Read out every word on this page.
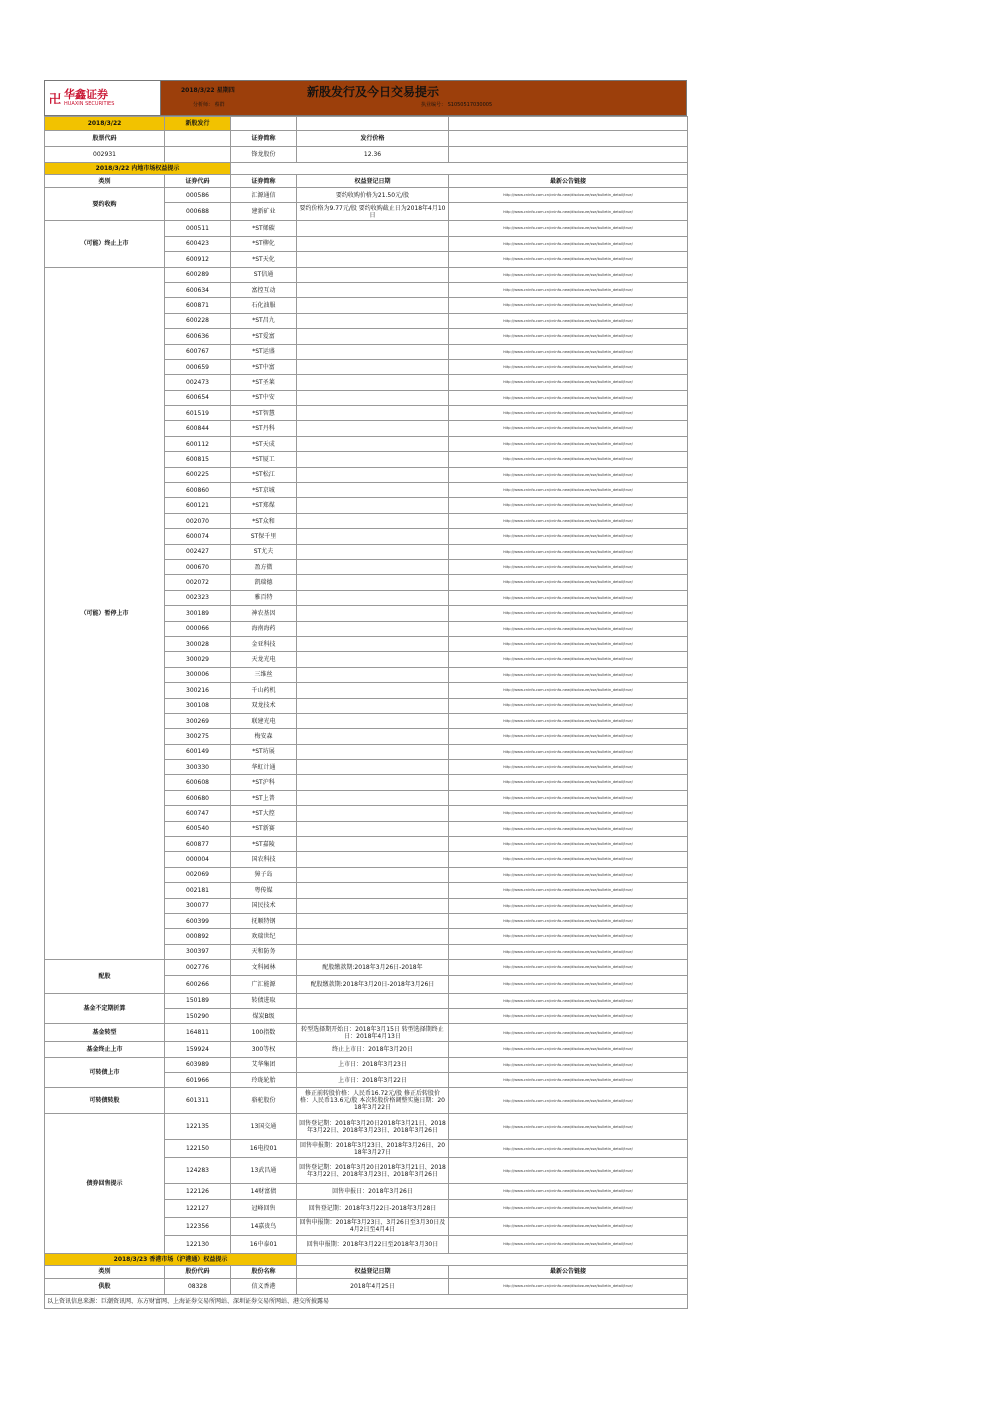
卍 华鑫证券
HUAXIN SECURITIES
2018/3/22 星期四	新股发行及今日交易提示
分析师： 蔡群	执业编号： S1050517030005
2018/3/22	新股发行			
股票代码		证券简称	发行价格	
002931		锋龙股份	12.36	
2018/3/22 内地市场权益提示				
类别	证券代码	证券简称	权益登记日期	最新公告链接
要约收购	000586	汇源通信	要约收购价格为21.50元/股	http://www.cninfo.com.cn/cninfo-new/disclosure/sse/bulletin_detail/true/
	000688	建新矿业	要约价格为9.77元/股 要约收购截止日为2018年4月10日	http://www.cninfo.com.cn/cninfo-new/disclosure/sse/bulletin_detail/true/
（可能）终止上市	000511	*ST烯碳		http://www.cninfo.com.cn/cninfo-new/disclosure/sse/bulletin_detail/true/
	600423	*ST柳化		http://www.cninfo.com.cn/cninfo-new/disclosure/sse/bulletin_detail/true/
	600912	*ST天化		http://www.cninfo.com.cn/cninfo-new/disclosure/sse/bulletin_detail/true/
（可能）暂停上市	600289	ST信通		http://www.cninfo.com.cn/cninfo-new/disclosure/sse/bulletin_detail/true/
	600634	富控互动		http://www.cninfo.com.cn/cninfo-new/disclosure/sse/bulletin_detail/true/
	600871	石化油服		http://www.cninfo.com.cn/cninfo-new/disclosure/sse/bulletin_detail/true/
	600228	*ST昌九		http://www.cninfo.com.cn/cninfo-new/disclosure/sse/bulletin_detail/true/
	600636	*ST爱富		http://www.cninfo.com.cn/cninfo-new/disclosure/sse/bulletin_detail/true/
	600767	*ST运盛		http://www.cninfo.com.cn/cninfo-new/disclosure/sse/bulletin_detail/true/
	000659	*ST中富		http://www.cninfo.com.cn/cninfo-new/disclosure/sse/bulletin_detail/true/
	002473	*ST圣莱		http://www.cninfo.com.cn/cninfo-new/disclosure/sse/bulletin_detail/true/
	600654	*ST中安		http://www.cninfo.com.cn/cninfo-new/disclosure/sse/bulletin_detail/true/
	601519	*ST智慧		http://www.cninfo.com.cn/cninfo-new/disclosure/sse/bulletin_detail/true/
	600844	*ST丹科		http://www.cninfo.com.cn/cninfo-new/disclosure/sse/bulletin_detail/true/
	600112	*ST天成		http://www.cninfo.com.cn/cninfo-new/disclosure/sse/bulletin_detail/true/
	600815	*ST厦工		http://www.cninfo.com.cn/cninfo-new/disclosure/sse/bulletin_detail/true/
	600225	*ST松江		http://www.cninfo.com.cn/cninfo-new/disclosure/sse/bulletin_detail/true/
	600860	*ST京城		http://www.cninfo.com.cn/cninfo-new/disclosure/sse/bulletin_detail/true/
	600121	*ST郑煤		http://www.cninfo.com.cn/cninfo-new/disclosure/sse/bulletin_detail/true/
	002070	*ST众和		http://www.cninfo.com.cn/cninfo-new/disclosure/sse/bulletin_detail/true/
	600074	ST保千里		http://www.cninfo.com.cn/cninfo-new/disclosure/sse/bulletin_detail/true/
	002427	ST尤夫		http://www.cninfo.com.cn/cninfo-new/disclosure/sse/bulletin_detail/true/
	000670	盈方微		http://www.cninfo.com.cn/cninfo-new/disclosure/sse/bulletin_detail/true/
	002072	凯瑞德		http://www.cninfo.com.cn/cninfo-new/disclosure/sse/bulletin_detail/true/
	002323	雅百特		http://www.cninfo.com.cn/cninfo-new/disclosure/sse/bulletin_detail/true/
	300189	神农基因		http://www.cninfo.com.cn/cninfo-new/disclosure/sse/bulletin_detail/true/
	000066	海南海药		http://www.cninfo.com.cn/cninfo-new/disclosure/sse/bulletin_detail/true/
	300028	金亚科技		http://www.cninfo.com.cn/cninfo-new/disclosure/sse/bulletin_detail/true/
	300029	天龙光电		http://www.cninfo.com.cn/cninfo-new/disclosure/sse/bulletin_detail/true/
	300006	三维丝		http://www.cninfo.com.cn/cninfo-new/disclosure/sse/bulletin_detail/true/
	300216	千山药机		http://www.cninfo.com.cn/cninfo-new/disclosure/sse/bulletin_detail/true/
	300108	双龙技术		http://www.cninfo.com.cn/cninfo-new/disclosure/sse/bulletin_detail/true/
	300269	联建光电		http://www.cninfo.com.cn/cninfo-new/disclosure/sse/bulletin_detail/true/
	300275	梅安森		http://www.cninfo.com.cn/cninfo-new/disclosure/sse/bulletin_detail/true/
	600149	*ST坊展		http://www.cninfo.com.cn/cninfo-new/disclosure/sse/bulletin_detail/true/
	300330	华虹计通		http://www.cninfo.com.cn/cninfo-new/disclosure/sse/bulletin_detail/true/
	600608	*ST沪科		http://www.cninfo.com.cn/cninfo-new/disclosure/sse/bulletin_detail/true/
	600680	*ST上普		http://www.cninfo.com.cn/cninfo-new/disclosure/sse/bulletin_detail/true/
	600747	*ST大控		http://www.cninfo.com.cn/cninfo-new/disclosure/sse/bulletin_detail/true/
	600540	*ST新赛		http://www.cninfo.com.cn/cninfo-new/disclosure/sse/bulletin_detail/true/
	600877	*ST嘉陵		http://www.cninfo.com.cn/cninfo-new/disclosure/sse/bulletin_detail/true/
	000004	国农科技		http://www.cninfo.com.cn/cninfo-new/disclosure/sse/bulletin_detail/true/
	002069	獐子岛		http://www.cninfo.com.cn/cninfo-new/disclosure/sse/bulletin_detail/true/
	002181	粤传媒		http://www.cninfo.com.cn/cninfo-new/disclosure/sse/bulletin_detail/true/
	300077	国民技术		http://www.cninfo.com.cn/cninfo-new/disclosure/sse/bulletin_detail/true/
	600399	抚顺特钢		http://www.cninfo.com.cn/cninfo-new/disclosure/sse/bulletin_detail/true/
	000892	欢瑞世纪		http://www.cninfo.com.cn/cninfo-new/disclosure/sse/bulletin_detail/true/
	300397	天和防务		http://www.cninfo.com.cn/cninfo-new/disclosure/sse/bulletin_detail/true/
配股	002776	文科园林	配股缴款期:2018年3月26日-2018年	http://www.cninfo.com.cn/cninfo-new/disclosure/sse/bulletin_detail/true/
	600266	广汇能源	配股缴款期:2018年3月20日-2018年3月26日	http://www.cninfo.com.cn/cninfo-new/disclosure/sse/bulletin_detail/true/
基金不定期折算	150189	转债进取		http://www.cninfo.com.cn/cninfo-new/disclosure/sse/bulletin_detail/true/
	150290	煤炭B级		http://www.cninfo.com.cn/cninfo-new/disclosure/sse/bulletin_detail/true/
基金转型	164811	100指数	转型选择期开始日：2018年3月15日 转型选择期终止日：2018年4月13日	http://www.cninfo.com.cn/cninfo-new/disclosure/sse/bulletin_detail/true/
基金终止上市	159924	300等权	终止上市日：2018年3月20日	http://www.cninfo.com.cn/cninfo-new/disclosure/sse/bulletin_detail/true/
可转债上市	603989	艾华集团	上市日：2018年3月23日	http://www.cninfo.com.cn/cninfo-new/disclosure/sse/bulletin_detail/true/
	601966	玲珑轮胎	上市日：2018年3月22日	http://www.cninfo.com.cn/cninfo-new/disclosure/sse/bulletin_detail/true/
可转债转股	601311	骆驼股份	修正前转股价格：人民币16.72元/股 修正后转股价格：人民币13.6元/股 本次转股价格调整实施日期：2018年3月22日	http://www.cninfo.com.cn/cninfo-new/disclosure/sse/bulletin_detail/true/
债券回售提示	122135	13国交通	回售登记期：2018年3月20日2018年3月21日、2018年3月22日、2018年3月23日、2018年3月26日	http://www.cninfo.com.cn/cninfo-new/disclosure/sse/bulletin_detail/true/
	122150	16电投01	回售申报期：2018年3月23日、2018年3月26日、2018年3月27日	http://www.cninfo.com.cn/cninfo-new/disclosure/sse/bulletin_detail/true/
	124283	13武昌通	回售登记期：2018年3月20日2018年3月21日、2018年3月22日、2018年3月23日、2018年3月26日	http://www.cninfo.com.cn/cninfo-new/disclosure/sse/bulletin_detail/true/
	122126	14财富债	回售申报日：2018年3月26日	http://www.cninfo.com.cn/cninfo-new/disclosure/sse/bulletin_detail/true/
	122127	冠峰回售	回售登记期：2018年3月22日-2018年3月28日	http://www.cninfo.com.cn/cninfo-new/disclosure/sse/bulletin_detail/true/
	122356	14嘉贵鸟	回售申报期：2018年3月23日、3月26日至3月30日及4月2日至4月4日	http://www.cninfo.com.cn/cninfo-new/disclosure/sse/bulletin_detail/true/
	122130	16中泰01	回售申报期：2018年3月22日至2018年3月30日	http://www.cninfo.com.cn/cninfo-new/disclosure/sse/bulletin_detail/true/
2018/3/23 香港市场（沪港通）权益提示				
类别	股份代码	股份名称	权益登记日期	最新公告链接
供股	08328	信义香港	2018年4月25日	http://www.cninfo.com.cn/cninfo-new/disclosure/sse/bulletin_detail/true/
以上资讯信息来源：巨潮资讯网、东方财富网、上海证券交易所网站、深圳证券交易所网站、港交所披露易				
